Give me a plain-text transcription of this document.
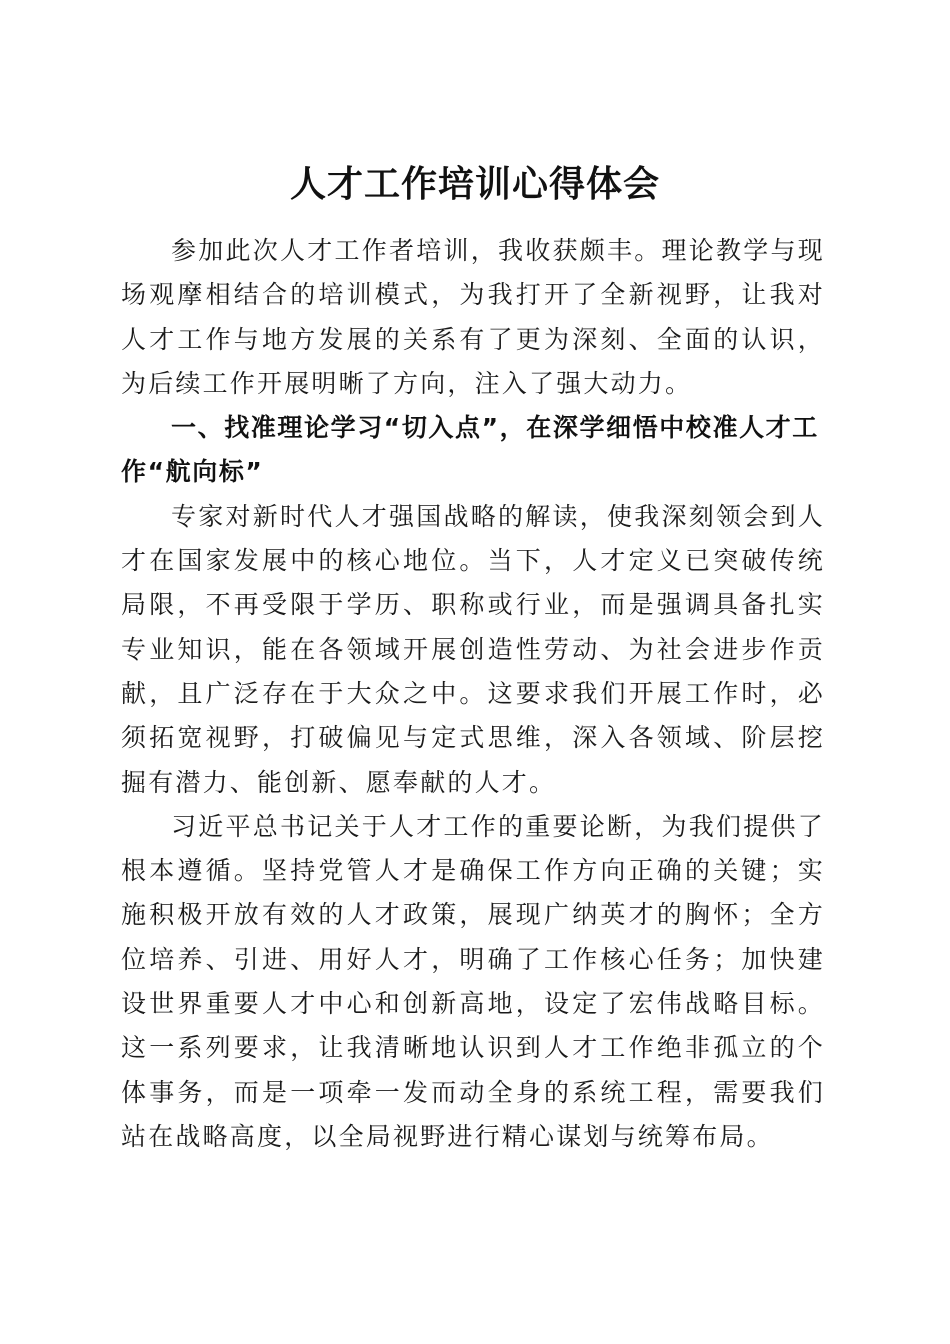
人才工作培训心得体会

参加此次人才工作者培训，我收获颇丰。理论教学与现场观摩相结合的培训模式，为我打开了全新视野，让我对人才工作与地方发展的关系有了更为深刻、全面的认识，为后续工作开展明晰了方向，注入了强大动力。

一、找准理论学习“切入点”，在深学细悟中校准人才工作“航向标”

专家对新时代人才强国战略的解读，使我深刻领会到人才在国家发展中的核心地位。当下，人才定义已突破传统局限，不再受限于学历、职称或行业，而是强调具备扎实专业知识，能在各领域开展创造性劳动、为社会进步作贡献，且广泛存在于大众之中。这要求我们开展工作时，必须拓宽视野，打破偏见与定式思维，深入各领域、阶层挖掘有潜力、能创新、愿奉献的人才。

习近平总书记关于人才工作的重要论断，为我们提供了根本遵循。坚持党管人才是确保工作方向正确的关键；实施积极开放有效的人才政策，展现广纳英才的胸怀；全方位培养、引进、用好人才，明确了工作核心任务；加快建设世界重要人才中心和创新高地，设定了宏伟战略目标。这一系列要求，让我清晰地认识到人才工作绝非孤立的个体事务，而是一项牵一发而动全身的系统工程，需要我们站在战略高度，以全局视野进行精心谋划与统筹布局。
